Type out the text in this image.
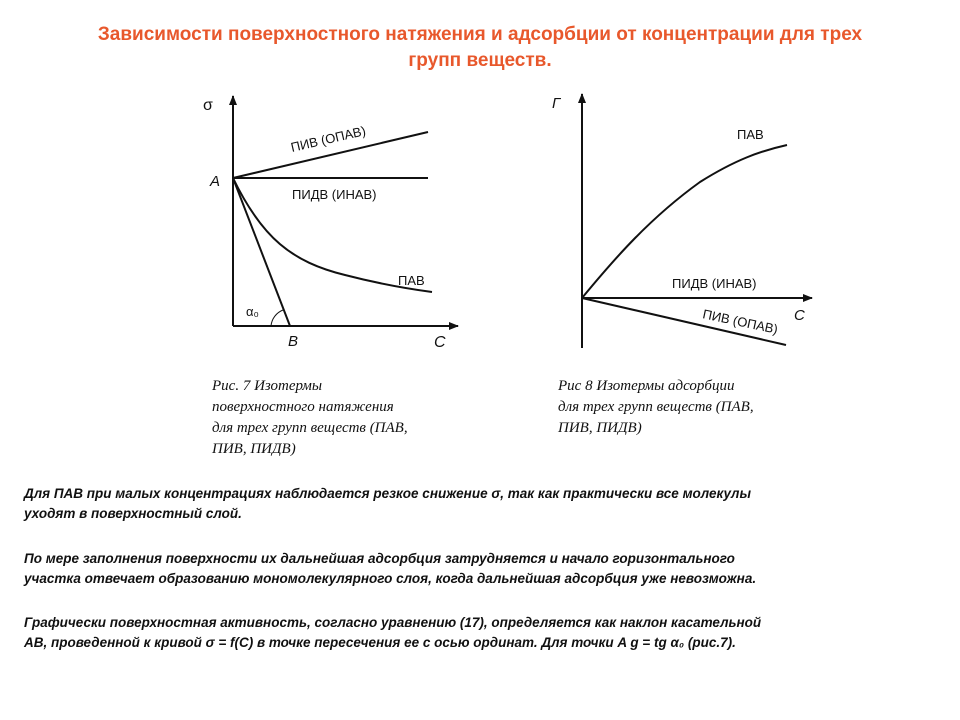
Зависимости поверхностного натяжения и адсорбции от концентрации для трех
групп веществ.
σ
C
A
B
α₀
ПИВ (ОПАВ)
ПИДВ (ИНАВ)
ПАВ
Г
C
ПАВ
ПИДВ (ИНАВ)
ПИВ (ОПАВ)
Рис. 7 Изотермы
поверхностного натяжения
для трех групп веществ (ПАВ,
ПИВ, ПИДВ)
Рис 8 Изотермы адсорбции
для трех групп веществ (ПАВ,
ПИВ, ПИДВ)
Для ПАВ при малых концентрациях наблюдается резкое снижение σ, так как практически все молекулы
уходят в поверхностный слой.
По мере заполнения поверхности их дальнейшая адсорбция затрудняется и начало горизонтального
участка отвечает образованию мономолекулярного слоя, когда дальнейшая адсорбция уже невозможна.
Графически поверхностная активность, согласно уравнению (17), определяется как наклон касательной
АВ, проведенной к кривой σ = f(C) в точке пересечения ее с осью ординат. Для точки A g = tg α₀ (рис.7).
